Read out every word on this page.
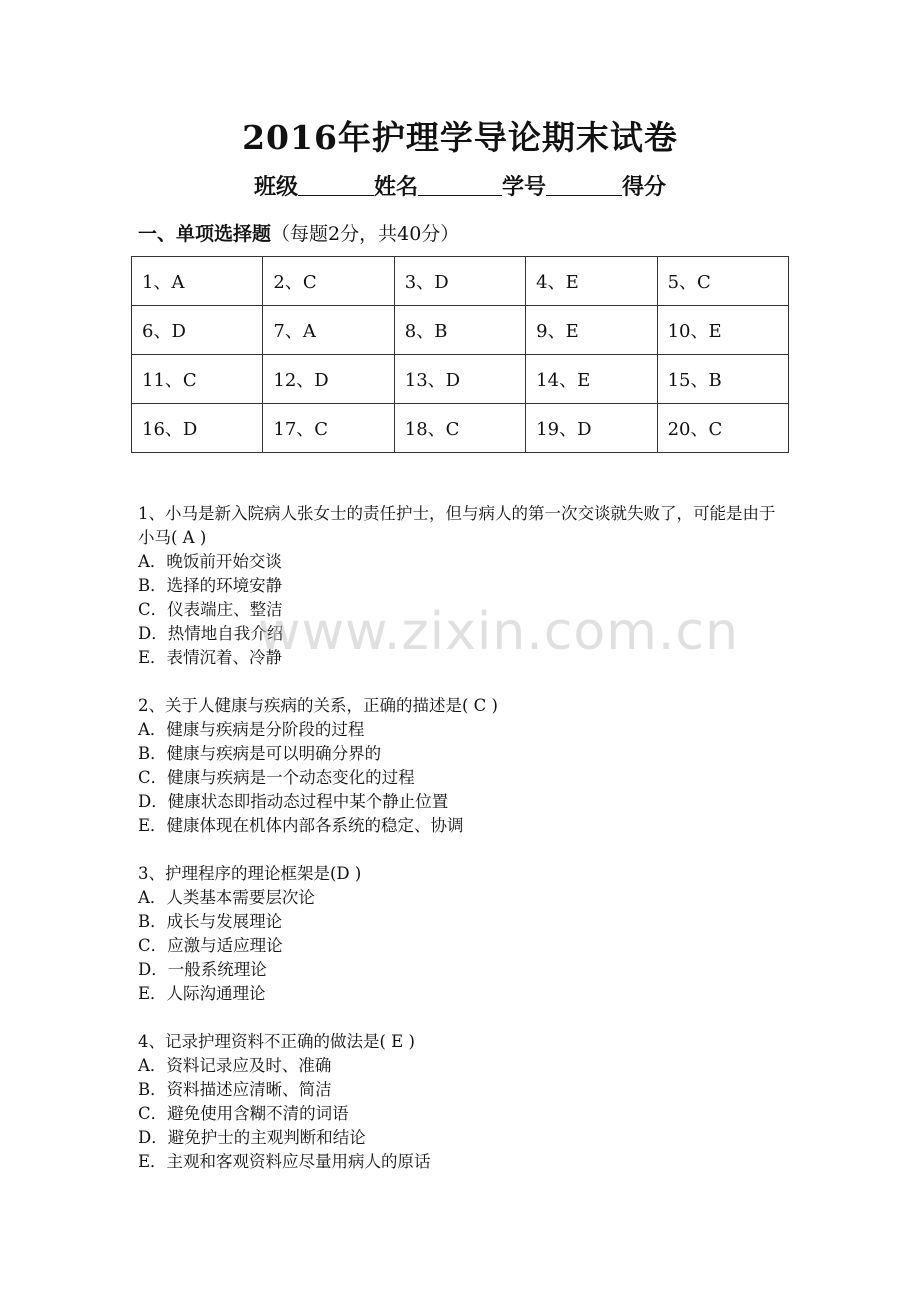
2016年护理学导论期末试卷
班级	姓名	学号	得分
一、单项选择题（每题2分，共40分）
1、A	2、C	3、D	4、E	5、C
6、D	7、A	8、B	9、E	10、E
11、C	12、D	13、D	14、E	15、B
16、D	17、C	18、C	19、D	20、C
1、小马是新入院病人张女士的责任护士，但与病人的第一次交谈就失败了，可能是由于小马( A )
A．晚饭前开始交谈
B．选择的环境安静
C．仪表端庄、整洁
D．热情地自我介绍
E．表情沉着、冷静
2、关于人健康与疾病的关系，正确的描述是( C )
A．健康与疾病是分阶段的过程
B．健康与疾病是可以明确分界的
C．健康与疾病是一个动态变化的过程
D．健康状态即指动态过程中某个静止位置
E．健康体现在机体内部各系统的稳定、协调
3、护理程序的理论框架是(D )
A．人类基本需要层次论
B．成长与发展理论
C．应激与适应理论
D．一般系统理论
E．人际沟通理论
4、记录护理资料不正确的做法是( E )
A．资料记录应及时、准确
B．资料描述应清晰、简洁
C．避免使用含糊不清的词语
D．避免护士的主观判断和结论
E．主观和客观资料应尽量用病人的原话
www.zixin.com.cn
